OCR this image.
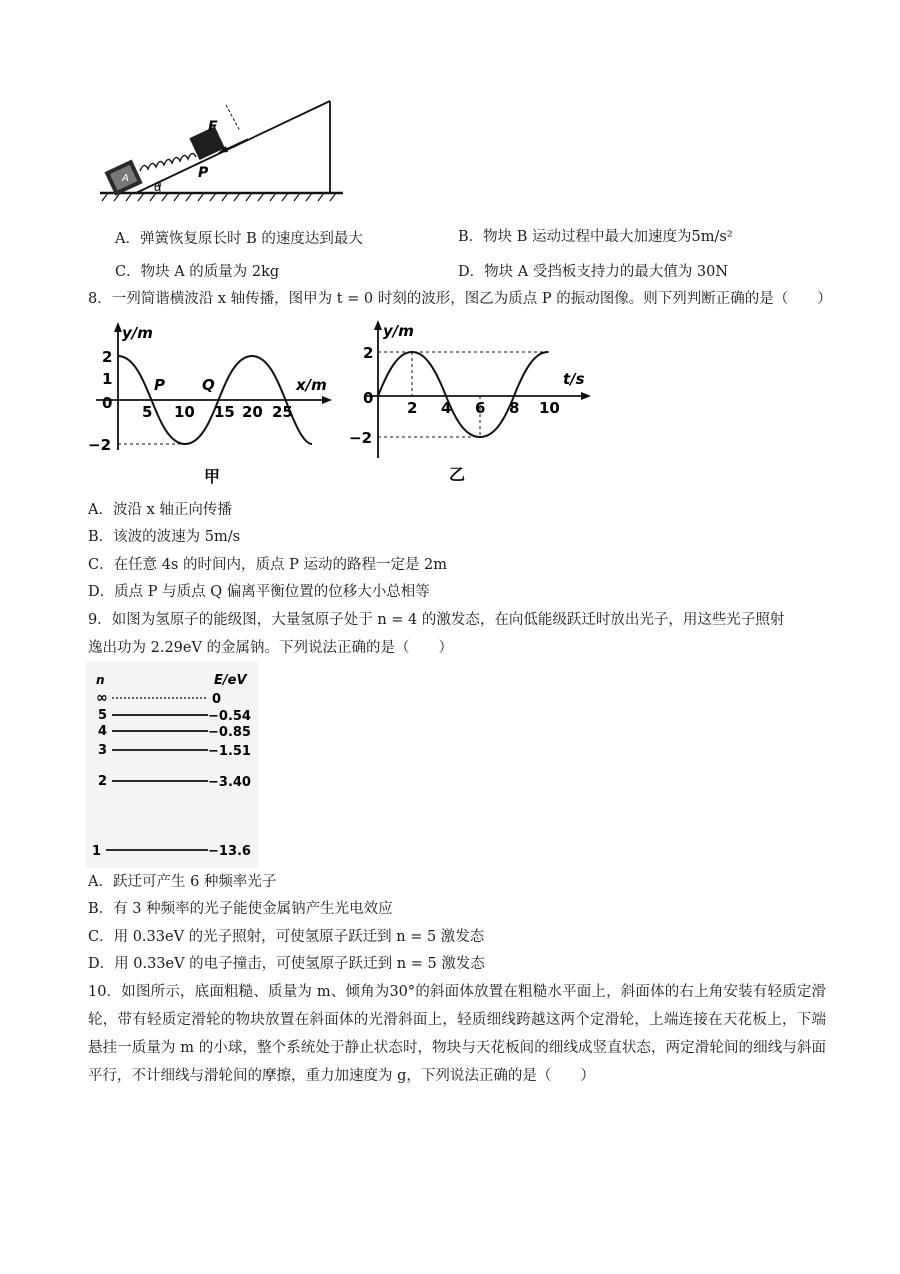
F
P
θ
A
A．弹簧恢复原长时 B 的速度达到最大	B．物块 B 运动过程中最大加速度为5m/s²
C．物块 A 的质量为 2kg	D．物块 A 受挡板支持力的最大值为 30N
8．一列简谐横波沿 x 轴传播，图甲为 t = 0 时刻的波形，图乙为质点 P 的振动图像。则下列判断正确的是（　　）
y/m
x/m
2
1
0
−2
5 10 15 20 25
P Q
甲
y/m
t/s
2
0
−2
2 4 6 8 10
乙
A．波沿 x 轴正向传播
B．该波的波速为 5m/s
C．在任意 4s 的时间内，质点 P 运动的路程一定是 2m
D．质点 P 与质点 Q 偏离平衡位置的位移大小总相等
9．如图为氢原子的能级图，大量氢原子处于 n = 4 的激发态，在向低能级跃迁时放出光子，用这些光子照射
逸出功为 2.29eV 的金属钠。下列说法正确的是（　　）
n	E/eV
∞	0
5	−0.54
4	−0.85
3	−1.51
2	−3.40
1	−13.6
A．跃迁可产生 6 种频率光子
B．有 3 种频率的光子能使金属钠产生光电效应
C．用 0.33eV 的光子照射，可使氢原子跃迁到 n = 5 激发态
D．用 0.33eV 的电子撞击，可使氢原子跃迁到 n = 5 激发态
10．如图所示，底面粗糙、质量为 m、倾角为30°的斜面体放置在粗糙水平面上，斜面体的右上角安装有轻质定滑轮，带有轻质定滑轮的物块放置在斜面体的光滑斜面上，轻质细线跨越这两个定滑轮，上端连接在天花板上，下端悬挂一质量为 m 的小球，整个系统处于静止状态时，物块与天花板间的细线成竖直状态，两定滑轮间的细线与斜面平行，不计细线与滑轮间的摩擦，重力加速度为 g，下列说法正确的是（　　）
